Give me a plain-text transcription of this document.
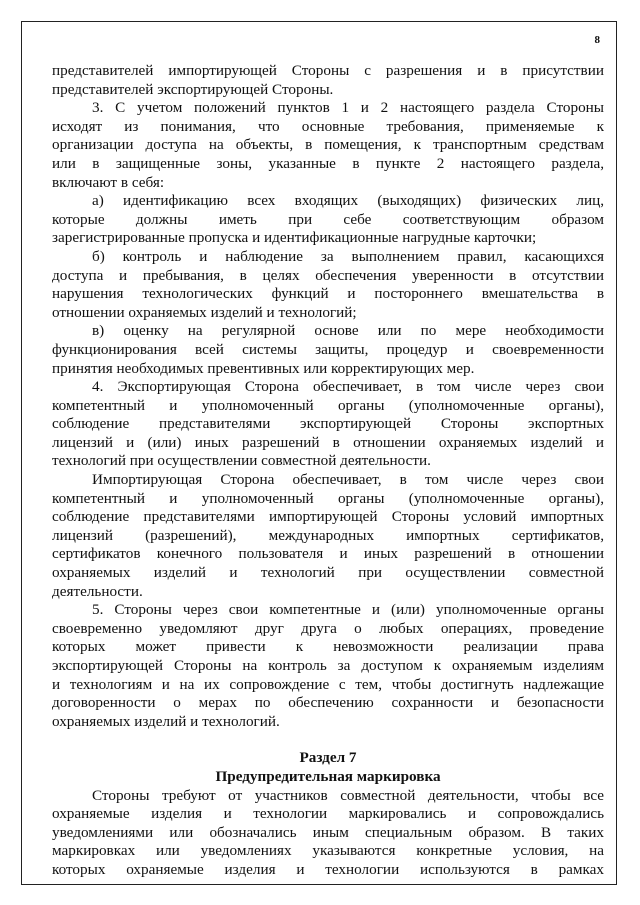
8
представителей импортирующей Стороны с разрешения и в присутствии
представителей экспортирующей Стороны.
3. С учетом положений пунктов 1 и 2 настоящего раздела Стороны
исходят из понимания, что основные требования, применяемые к
организации доступа на объекты, в помещения, к транспортным средствам
или в защищенные зоны, указанные в пункте 2 настоящего раздела,
включают в себя:
а) идентификацию всех входящих (выходящих) физических лиц,
которые должны иметь при себе соответствующим образом
зарегистрированные пропуска и идентификационные нагрудные карточки;
б) контроль и наблюдение за выполнением правил, касающихся
доступа и пребывания, в целях обеспечения уверенности в отсутствии
нарушения технологических функций и постороннего вмешательства в
отношении охраняемых изделий и технологий;
в) оценку на регулярной основе или по мере необходимости
функционирования всей системы защиты, процедур и своевременности
принятия необходимых превентивных или корректирующих мер.
4. Экспортирующая Сторона обеспечивает, в том числе через свои
компетентный и уполномоченный органы (уполномоченные органы),
соблюдение представителями экспортирующей Стороны экспортных
лицензий и (или) иных разрешений в отношении охраняемых изделий и
технологий при осуществлении совместной деятельности.
Импортирующая Сторона обеспечивает, в том числе через свои
компетентный и уполномоченный органы (уполномоченные органы),
соблюдение представителями импортирующей Стороны условий импортных
лицензий (разрешений), международных импортных сертификатов,
сертификатов конечного пользователя и иных разрешений в отношении
охраняемых изделий и технологий при осуществлении совместной
деятельности.
5. Стороны через свои компетентные и (или) уполномоченные органы
своевременно уведомляют друг друга о любых операциях, проведение
которых может привести к невозможности реализации права
экспортирующей Стороны на контроль за доступом к охраняемым изделиям
и технологиям и на их сопровождение с тем, чтобы достигнуть надлежащие
договоренности о мерах по обеспечению сохранности и безопасности
охраняемых изделий и технологий.
Раздел 7
Предупредительная маркировка
Стороны требуют от участников совместной деятельности, чтобы все
охраняемые изделия и технологии маркировались и сопровождались
уведомлениями или обозначались иным специальным образом. В таких
маркировках или уведомлениях указываются конкретные условия, на
которых охраняемые изделия и технологии используются в рамках
